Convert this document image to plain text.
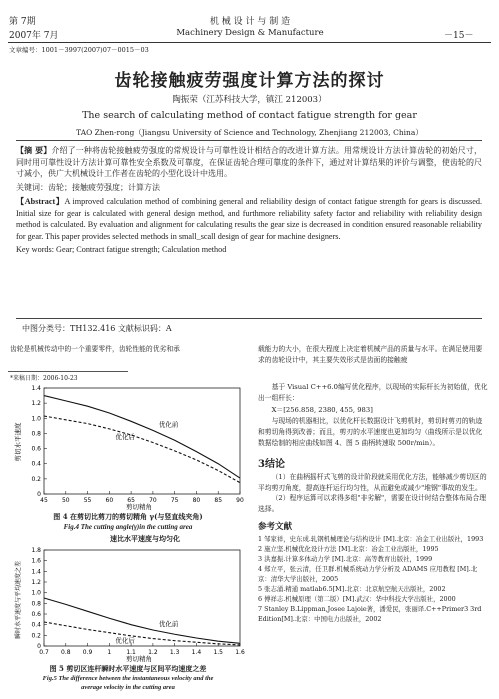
第 7期
2007年 7月
机 械 设 计 与 制 造
Machinery Design & Manufacture	－15－
文章编号：1001－3997(2007)07－0015－03
齿轮接触疲劳强度计算方法的探讨
陶振荣（江苏科技大学，镇江 212003）
The search of calculating method of contact fatigue strength for gear
TAO Zhen-rong（Jiangsu University of Science and Technology, Zhenjiang 212003, China）

【摘 要】介绍了一种将齿轮接触疲劳强度的常规设计与可靠性设计相结合的改进计算方法。用常规设计方法计算齿轮的初始尺寸，同时用可靠性设计方法计算可靠性安全系数及可靠度，在保证齿轮合理可靠度的条件下，通过对计算结果的评价与调整，使齿轮的尺寸减小，供广大机械设计工作者在齿轮的小型化设计中选用。

关键词：齿轮；接触疲劳强度；计算方法

【Abstract】A improved calculation method of combining general and reliability design of contact fatigue strength for gears is discussed. Initial size for gear is calculated with general design method, and furthmore reliability safety factor and reliability with reliability design method is calculated. By evaluation and alignment for calculating results the gear size is decreased in condition ensured reasonable reliability for gear. This paper provides selected methods in small_scall design of gear for machine designers.

Key words: Gear; Contract fatigue strength; Calculation method

中图分类号：TH132.416 文献标识码：A
齿轮是机械传动中的一个重要零件，齿轮性能的优劣和承	载能力的大小，在很大程度上决定着机械产品的质量与水平。在满足使用要求的齿轮设计中，其主要失效形式是齿面的接触疲
*来稿日期：2006-10-23
45 50 55 60 65 70 75 80 85 90
0
0.2
0.4
0.6
0.8
1.0
1.2
1.4
优化前
优化后
剪切水平速度
剪切精角
图 4 在剪切比剪刀的剪切精角 γ(与竖直线夹角)
Fig.4 The cutting angle(γ)in the cutting area
速比水平速度与均匀化
0.7 0.8 0.9	1	1.1 1.2 1.3 1.4 1.5 1.6
0
0.2
0.4
0.6
0.8
1.0
1.2
1.4
1.6
1.8
优化前
优化后
瞬时水平速度与平均速度之差
剪切精角
图 5 剪切区连杆瞬时水平速度与区间平均速度之差
Fig.5 The difference between the instantaneous velocity and the
average velocity in the cutting area

基于 Visual C++6.0编写优化程序，以现场的实际杆长为初始值，优化出一组杆长：

X＝[256.858, 2380, 455, 983]

与现场的机器相比，以优化杆长数据设计飞剪机时，剪切时剪刃的轨迹和剪切角得到改善；而且，剪刃的水平速度也更加均匀（曲线所示是以优化数据绘制的相应曲线如图 4、图 5 曲柄转速取 500r/min）。

3结论

（1）在曲柄摇杆式飞剪的设计阶段就采用优化方法，能够减少剪切区的平均剪刃角度，提高连杆运行均匀性，从而避免或减少"堆钢"事故的发生。

（2）程序运算可以求得多组"非劣解"，需要在设计时结合整体布局合理选择。

参考文献

1 邹家祥，史东成.轧钢机械理论与结构设计 [M].北京：冶金工业出版社，1993

2 施立坚.机械优化设计方法 [M].北京：冶金工业出版社，1995

3 洪嘉振.计算多体动力学 [M].北京：高等教育出版社，1999

4 郑立平，张云清，任卫群.机械系统动力学分析及 ADAMS 应用教程 [M].北京：清华大学出版社，2005

5 张志涌.精通 matlab6.5[M].北京：北京航空航天出版社，2002

6 傅祥志.机械原理（第二版）[M].武汉：华中科技大学出版社，2000

7 Stanley B.Lippman,Josee Lajoie著，潘爱民，张丽译.C++Primer3 3rd Edition[M].北京：中国电力出版社，2002
